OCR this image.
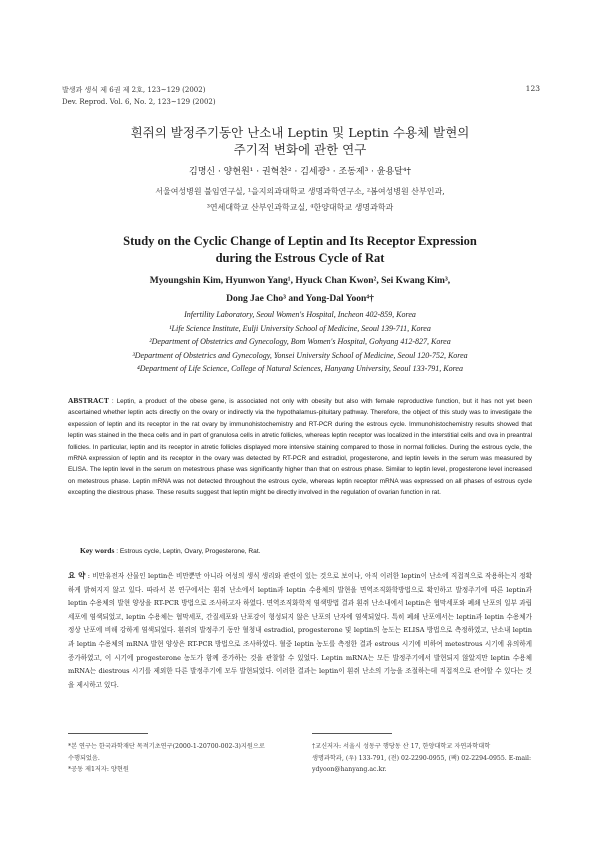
발생과 생식 제 6권 제 2호, 123~129 (2002)
Dev. Reprod. Vol. 6, No. 2, 123~129 (2002)
123
흰쥐의 발정주기동안 난소내 Leptin 및 Leptin 수용체 발현의
주기적 변화에 관한 연구
김명신 · 양현원¹ · 권혁찬² · 김세광³ · 조동제³ · 윤용달⁴†
서울여성병원 불임연구실, ¹을지의과대학교 생명과학연구소, ²봄여성병원 산부인과,
³연세대학교 산부인과학교실, ⁴한양대학교 생명과학과
Study on the Cyclic Change of Leptin and Its Receptor Expression
during the Estrous Cycle of Rat
Myoungshin Kim, Hyunwon Yang¹, Hyuck Chan Kwon², Sei Kwang Kim³,
Dong Jae Cho³ and Yong-Dal Yoon⁴†
Infertility Laboratory, Seoul Women's Hospital, Incheon 402-859, Korea
¹Life Science Institute, Eulji University School of Medicine, Seoul 139-711, Korea
²Department of Obstetrics and Gynecology, Bom Women's Hospital, Gohyang 412-827, Korea
³Department of Obstetrics and Gynecology, Yonsei University School of Medicine, Seoul 120-752, Korea
⁴Department of Life Science, College of Natural Sciences, Hanyang University, Seoul 133-791, Korea
ABSTRACT : Leptin, a product of the obese gene, is associated not only with obesity but also with female reproductive function, but it has not yet been ascertained whether leptin acts directly on the ovary or indirectly via the hypothalamus-pituitary pathway. Therefore, the object of this study was to investigate the expession of leptin and its receptor in the rat ovary by immunohistochemistry and RT-PCR during the estrous cycle. Immunohistochemistry results showed that leptin was stained in the theca cells and in part of granulosa cells in atretic follicles, whereas leptin receptor was localized in the interstitial cells and ova in preantral follicles. In particular, leptin and its receptor in atretic follicles displayed more intensive staining compared to those in normal follicles. During the estrous cycle, the mRNA expression of leptin and its receptor in the ovary was detected by RT-PCR and estradiol, progesterone, and leptin levels in the serum was measured by ELISA. The leptin level in the serum on metestrous phase was significantly higher than that on estrous phase. Similar to leptin level, progesterone level increased on metestrous phase. Leptin mRNA was not detected throughout the estrous cycle, whereas leptin receptor mRNA was expressed on all phases of estrous cycle excepting the diestrous phase. These results suggest that leptin might be directly involved in the regulation of ovarian function in rat.
Key words : Estrous cycle, Leptin, Ovary, Progesterone, Rat.
요 약 : 비만유전자 산물인 leptin은 비만뿐만 아니라 여성의 생식 생리와 관련이 있는 것으로 보이나, 아직 이러한 leptin이 난소에 직접적으로 작용하는지 정확하게 밝혀지지 않고 있다. 따라서 본 연구에서는 흰쥐 난소에서 leptin과 leptin 수용체의 발현을 면역조직화학방법으로 확인하고 발정주기에 따른 leptin과 leptin 수용체의 발현 양상을 RT-PCR 방법으로 조사하고자 하였다. 면역조직화학적 염색방법 결과 흰쥐 난소내에서 leptin은 협막세포와 폐쇄 난포의 일부 과립세포에 염색되었고, leptin 수용체는 협막세포, 간질세포와 난포강이 형성되지 않은 난포의 난자에 염색되었다. 특히 폐쇄 난포에서는 leptin과 leptin 수용체가 정상 난포에 비해 강하게 염색되었다. 흰쥐의 발정주기 동안 혈청내 estradiol, progesterone 및 leptin의 농도는 ELISA 방법으로 측정하였고, 난소내 leptin과 leptin 수용체의 mRNA 발현 양상은 RT-PCR 방법으로 조사하였다. 혈중 leptin 농도를 측정한 결과 estrous 시기에 비하여 metestrous 시기에 유의하게 증가하였고, 이 시기에 progesterone 농도가 함께 증가하는 것을 관찰할 수 있었다. Leptin mRNA는 모든 발정주기에서 발현되지 않았지만 leptin 수용체 mRNA는 diestrous 시기를 제외한 다른 발정주기에 모두 발현되었다. 이러한 결과는 leptin이 흰쥐 난소의 기능을 조절하는데 직접적으로 관여할 수 있다는 것을 제시하고 있다.
*본 연구는 한국과학재단 목적기초연구(2000-1-20700-002-3)지원으로
수행되었음.
*공동 제1저자: 양현원
†교신저자: 서울시 성동구 행당동 산 17, 한양대학교 자연과학대학
생명과학과, (우) 133-791, (전) 02-2290-0955, (팩) 02-2294-0955. E-mail:
ydyoon@hanyang.ac.kr.
